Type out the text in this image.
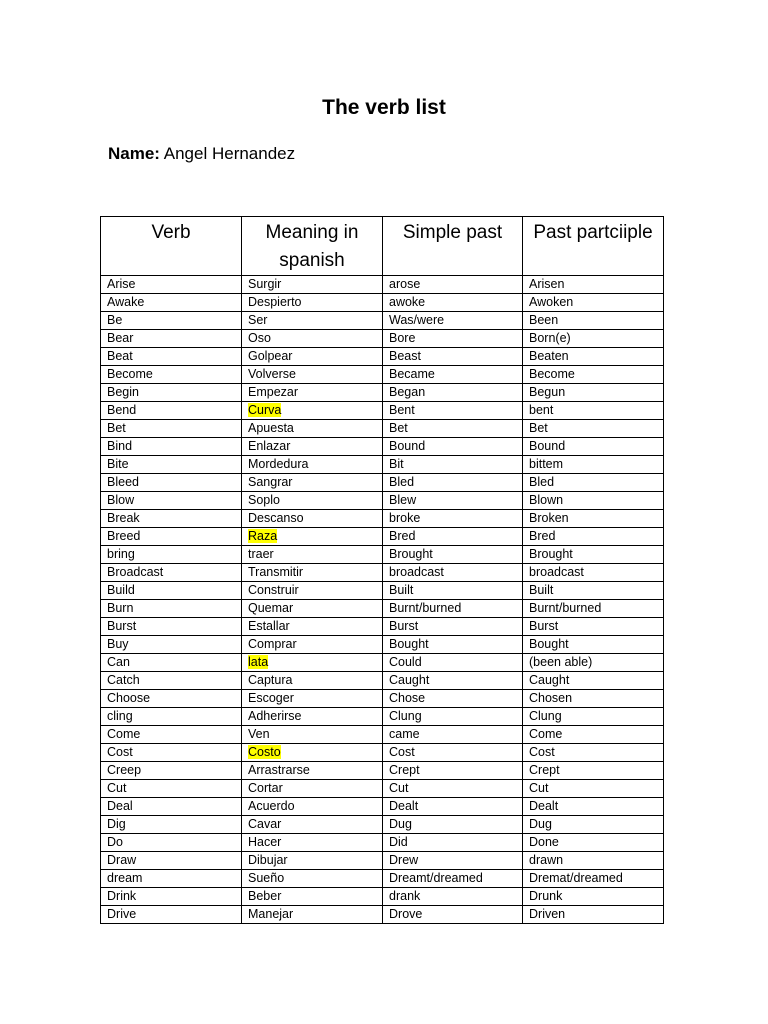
The verb list
Name: Angel Hernandez
Verb	Meaning in spanish	Simple past	Past partciiple
Arise	Surgir	arose	Arisen
Awake	Despierto	awoke	Awoken
Be	Ser	Was/were	Been
Bear	Oso	Bore	Born(e)
Beat	Golpear	Beast	Beaten
Become	Volverse	Became	Become
Begin	Empezar	Began	Begun
Bend	Curva	Bent	bent
Bet	Apuesta	Bet	Bet
Bind	Enlazar	Bound	Bound
Bite	Mordedura	Bit	bittem
Bleed	Sangrar	Bled	Bled
Blow	Soplo	Blew	Blown
Break	Descanso	broke	Broken
Breed	Raza	Bred	Bred
bring	traer	Brought	Brought
Broadcast	Transmitir	broadcast	broadcast
Build	Construir	Built	Built
Burn	Quemar	Burnt/burned	Burnt/burned
Burst	Estallar	Burst	Burst
Buy	Comprar	Bought	Bought
Can	lata	Could	(been able)
Catch	Captura	Caught	Caught
Choose	Escoger	Chose	Chosen
cling	Adherirse	Clung	Clung
Come	Ven	came	Come
Cost	Costo	Cost	Cost
Creep	Arrastrarse	Crept	Crept
Cut	Cortar	Cut	Cut
Deal	Acuerdo	Dealt	Dealt
Dig	Cavar	Dug	Dug
Do	Hacer	Did	Done
Draw	Dibujar	Drew	drawn
dream	Sueño	Dreamt/dreamed	Dremat/dreamed
Drink	Beber	drank	Drunk
Drive	Manejar	Drove	Driven
